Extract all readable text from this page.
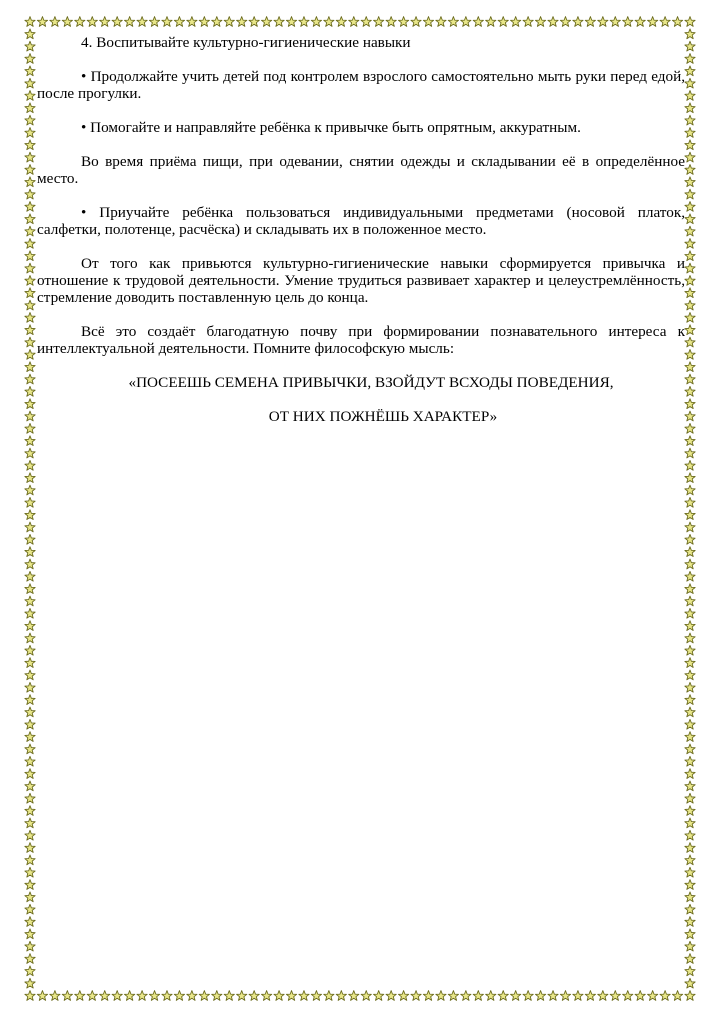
4. Воспитывайте культурно-гигиенические навыки

• Продолжайте учить детей под контролем взрослого самостоятельно мыть руки перед едой, после прогулки.

• Помогайте и направляйте ребёнка к привычке быть опрятным, аккуратным.

Во время приёма пищи, при одевании, снятии одежды и складывании её в определённое место.

• Приучайте ребёнка пользоваться индивидуальными предметами (носовой платок, салфетки, полотенце, расчёска) и складывать их в положенное место.

От того как привьются культурно-гигиенические навыки сформируется привычка и отношение к трудовой деятельности. Умение трудиться развивает характер и целеустремлённость, стремление доводить поставленную цель до конца.

Всё это создаёт благодатную почву при формировании познавательного интереса к интеллектуальной деятельности. Помните философскую мысль:

«ПОСЕЕШЬ СЕМЕНА ПРИВЫЧКИ, ВЗОЙДУТ ВСХОДЫ ПОВЕДЕНИЯ,

ОТ НИХ ПОЖНЁШЬ ХАРАКТЕР»
